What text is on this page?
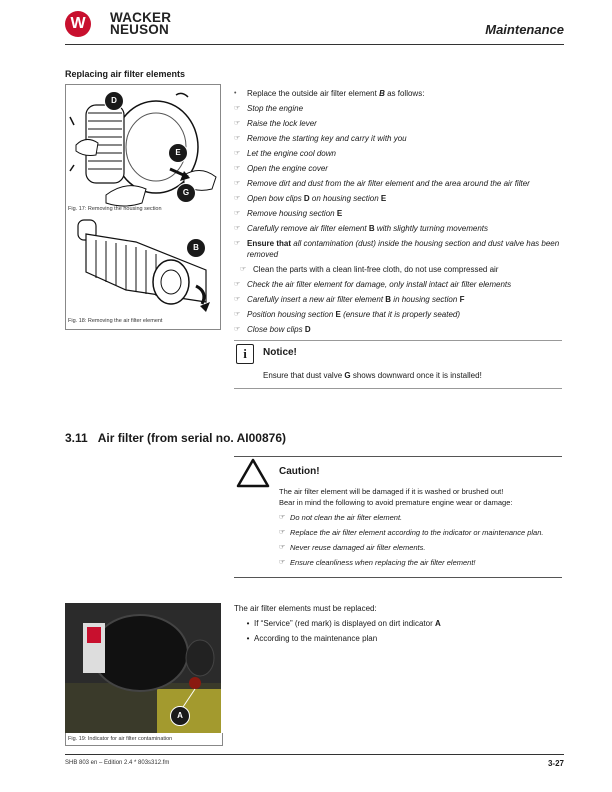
W	WACKER
NEUSON	Maintenance
Replacing air filter elements
D
E
G
Fig. 17: Removing the housing section
B
Fig. 18: Removing the air filter element
•	Replace the outside air filter element B as follows:
☞ Stop the engine
☞ Raise the lock lever
☞ Remove the starting key and carry it with you
☞ Let the engine cool down
☞ Open the engine cover
☞ Remove dirt and dust from the air filter element and the area around the air filter
☞ Open bow clips D on housing section E
☞ Remove housing section E
☞ Carefully remove air filter element B with slightly turning movements
☞ Ensure that all contamination (dust) inside the housing section and dust valve has been removed
☞ Clean the parts with a clean lint-free cloth, do not use compressed air
☞ Check the air filter element for damage, only install intact air filter elements
☞ Carefully insert a new air filter element B in housing section F
☞ Position housing section E (ensure that it is properly seated)
☞ Close bow clips D
i	Notice!
Ensure that dust valve G shows downward once it is installed!
3.11 Air filter (from serial no. AI00876)
Caution!
The air filter element will be damaged if it is washed or brushed out!
Bear in mind the following to avoid premature engine wear or damage:
☞ Do not clean the air filter element.
☞ Replace the air filter element according to the indicator or maintenance plan.
☞ Never reuse damaged air filter elements.
☞ Ensure cleanliness when replacing the air filter element!
A
Fig. 19: Indicator for air filter contamination
The air filter elements must be replaced:
• If “Service” (red mark) is displayed on dirt indicator A
• According to the maintenance plan
SHB 803 en – Edition 2.4 * 803s312.fm	3-27
